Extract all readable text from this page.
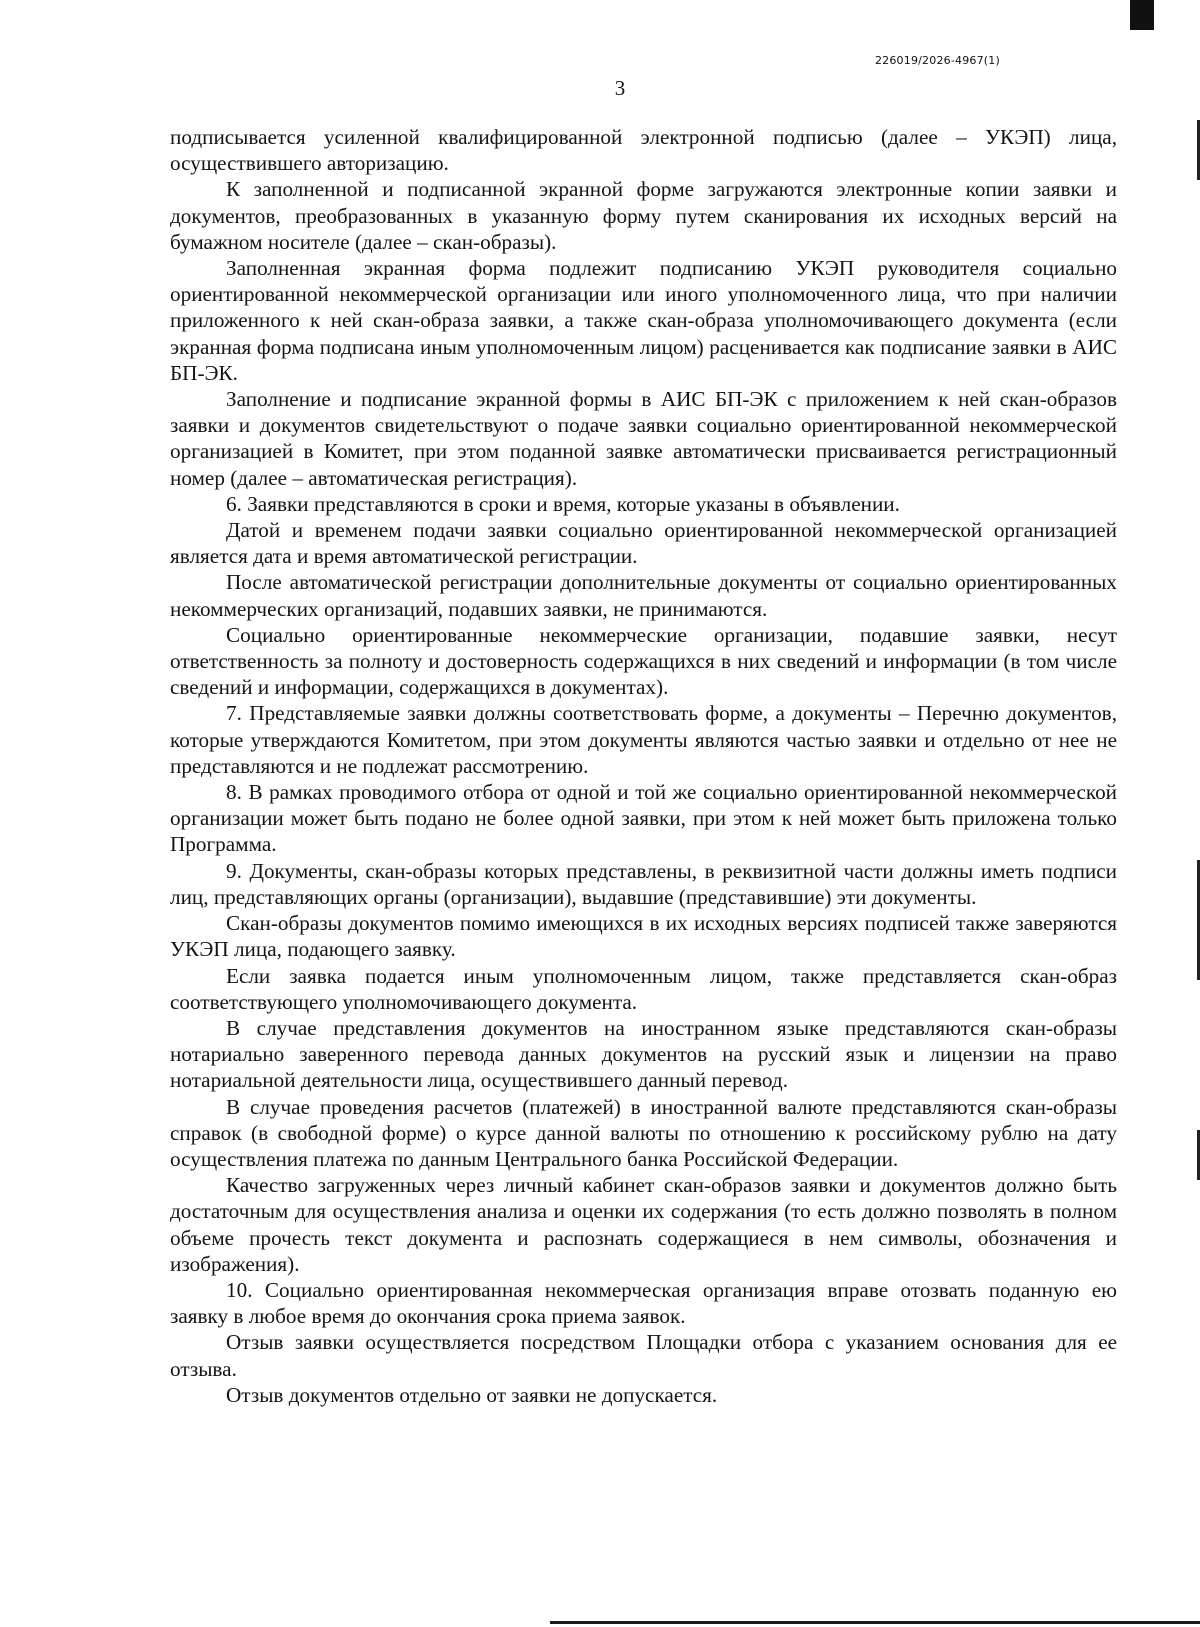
226019/2026-4967(1)
3

подписывается усиленной квалифицированной электронной подписью (далее – УКЭП) лица, осуществившего авторизацию.

К заполненной и подписанной экранной форме загружаются электронные копии заявки и документов, преобразованных в указанную форму путем сканирования их исходных версий на бумажном носителе (далее – скан-образы).

Заполненная экранная форма подлежит подписанию УКЭП руководителя социально ориентированной некоммерческой организации или иного уполномоченного лица, что при наличии приложенного к ней скан-образа заявки, а также скан-образа уполномочивающего документа (если экранная форма подписана иным уполномоченным лицом) расценивается как подписание заявки в АИС БП-ЭК.

Заполнение и подписание экранной формы в АИС БП-ЭК с приложением к ней скан-образов заявки и документов свидетельствуют о подаче заявки социально ориентированной некоммерческой организацией в Комитет, при этом поданной заявке автоматически присваивается регистрационный номер (далее – автоматическая регистрация).

6. Заявки представляются в сроки и время, которые указаны в объявлении.

Датой и временем подачи заявки социально ориентированной некоммерческой организацией является дата и время автоматической регистрации.

После автоматической регистрации дополнительные документы от социально ориентированных некоммерческих организаций, подавших заявки, не принимаются.

Социально ориентированные некоммерческие организации, подавшие заявки, несут ответственность за полноту и достоверность содержащихся в них сведений и информации (в том числе сведений и информации, содержащихся в документах).

7. Представляемые заявки должны соответствовать форме, а документы – Перечню документов, которые утверждаются Комитетом, при этом документы являются частью заявки и отдельно от нее не представляются и не подлежат рассмотрению.

8. В рамках проводимого отбора от одной и той же социально ориентированной некоммерческой организации может быть подано не более одной заявки, при этом к ней может быть приложена только Программа.

9. Документы, скан-образы которых представлены, в реквизитной части должны иметь подписи лиц, представляющих органы (организации), выдавшие (представившие) эти документы.

Скан-образы документов помимо имеющихся в их исходных версиях подписей также заверяются УКЭП лица, подающего заявку.

Если заявка подается иным уполномоченным лицом, также представляется скан-образ соответствующего уполномочивающего документа.

В случае представления документов на иностранном языке представляются скан-образы нотариально заверенного перевода данных документов на русский язык и лицензии на право нотариальной деятельности лица, осуществившего данный перевод.

В случае проведения расчетов (платежей) в иностранной валюте представляются скан-образы справок (в свободной форме) о курсе данной валюты по отношению к российскому рублю на дату осуществления платежа по данным Центрального банка Российской Федерации.

Качество загруженных через личный кабинет скан-образов заявки и документов должно быть достаточным для осуществления анализа и оценки их содержания (то есть должно позволять в полном объеме прочесть текст документа и распознать содержащиеся в нем символы, обозначения и изображения).

10. Социально ориентированная некоммерческая организация вправе отозвать поданную ею заявку в любое время до окончания срока приема заявок.

Отзыв заявки осуществляется посредством Площадки отбора с указанием основания для ее отзыва.

Отзыв документов отдельно от заявки не допускается.
